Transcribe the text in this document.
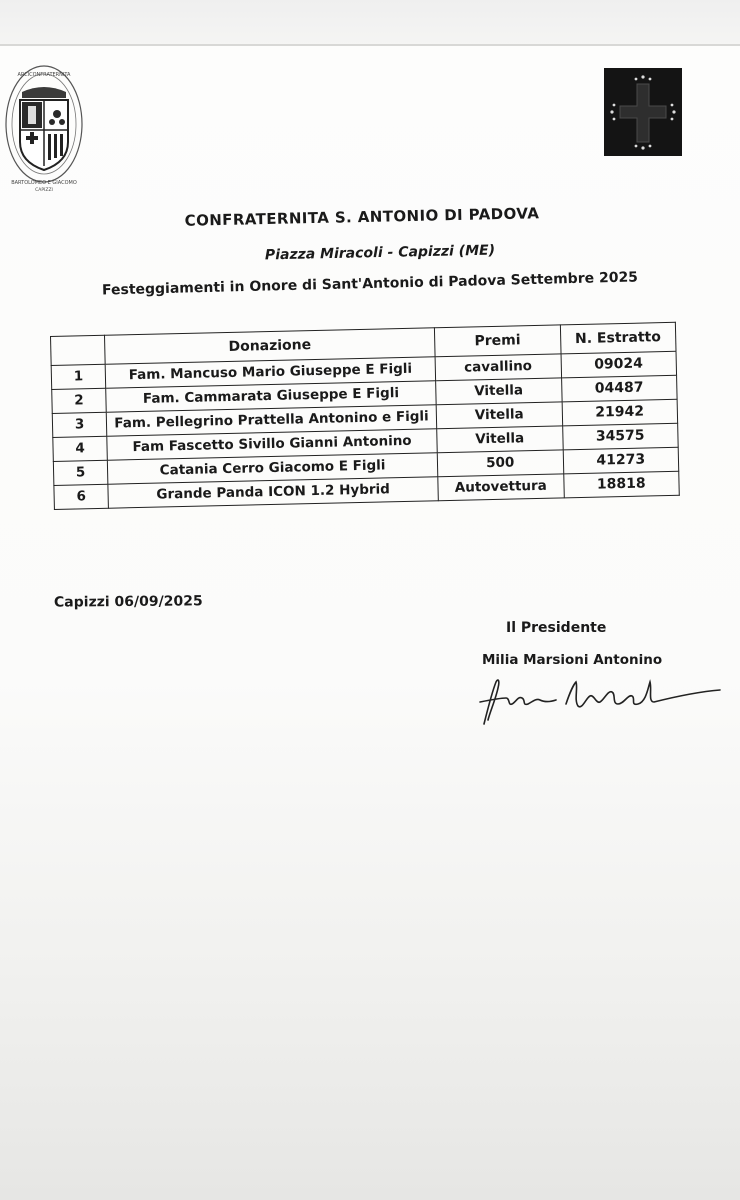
ARCICONFRATERNITA
BARTOLOMEO E GIACOMO
CAPIZZI
CONFRATERNITA S. ANTONIO DI PADOVA
Piazza Miracoli - Capizzi (ME)
Festeggiamenti in Onore di Sant'Antonio di Padova Settembre 2025
	Donazione	Premi	N. Estratto
1	Fam. Mancuso Mario Giuseppe E Figli	cavallino	09024
2	Fam. Cammarata Giuseppe E Figli	Vitella	04487
3	Fam. Pellegrino Prattella Antonino e Figli	Vitella	21942
4	Fam Fascetto Sivillo Gianni Antonino	Vitella	34575
5	Catania Cerro Giacomo E Figli	500	41273
6	Grande Panda ICON 1.2 Hybrid	Autovettura	18818
Capizzi 06/09/2025
Il Presidente
Milia Marsioni Antonino
